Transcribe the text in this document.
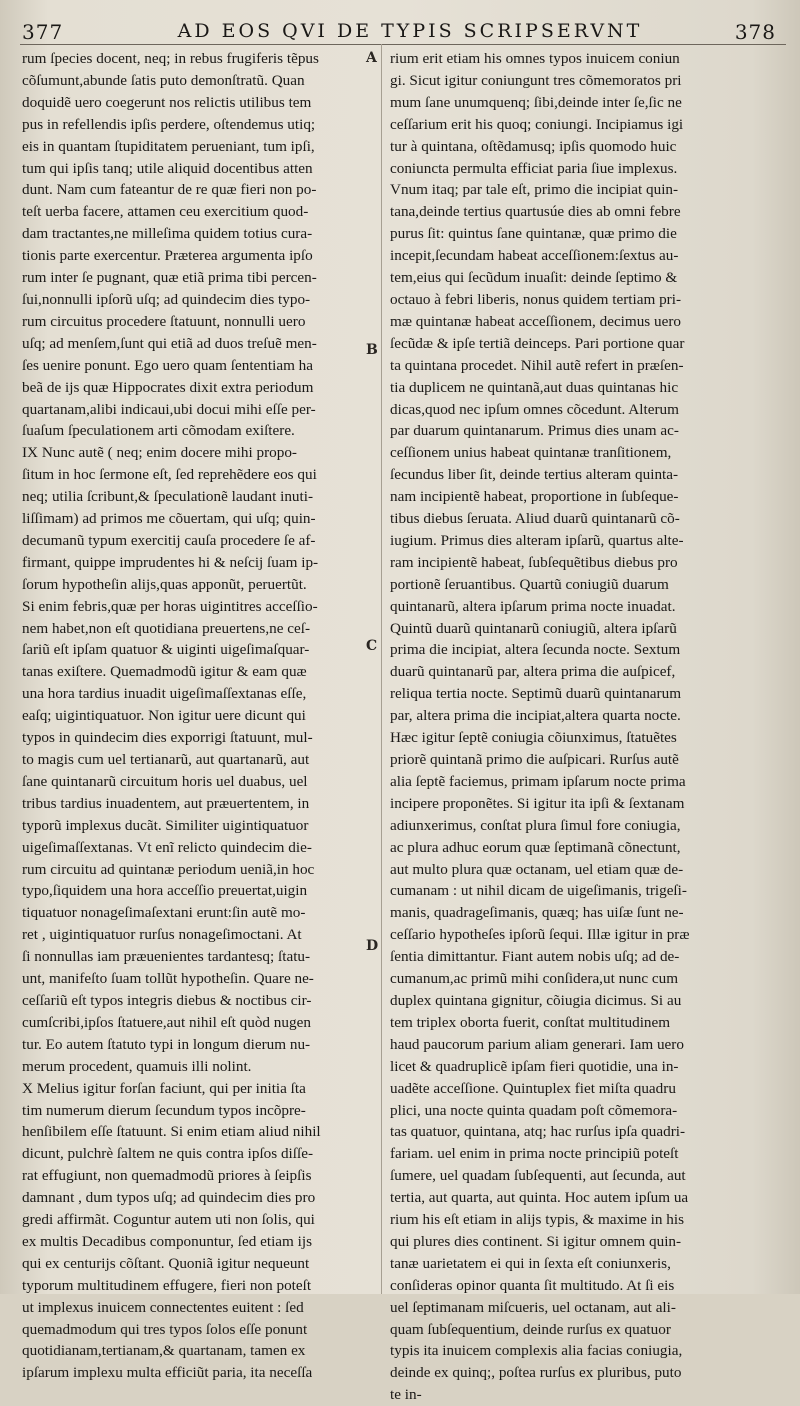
377	AD EOS QVI DE TYPIS SCRIPSERVNT	378
A
B
C
D
rum ſpecies docent, neq; in rebus frugiferis tẽpus
cõſumunt,abunde ſatis puto demonſtratũ. Quan
doquidẽ uero coegerunt nos relictis utilibus tem
pus in refellendis ipſis perdere, oſtendemus utiq;
eis in quantam ſtupiditatem perueniant, tum ipſi,
tum qui ipſis tanq; utile aliquid docentibus atten
dunt. Nam cum fateantur de re quæ fieri non po-
teſt uerba facere, attamen ceu exercitium quod-
dam tractantes,ne milleſima quidem totius cura-
tionis parte exercentur. Præterea argumenta ipſo
rum inter ſe pugnant, quæ etiã prima tibi percen-
ſui,nonnulli ipſorũ uſq; ad quindecim dies typo-
rum circuitus procedere ſtatuunt, nonnulli uero
uſq; ad menſem,ſunt qui etiã ad duos treſuẽ men-
ſes uenire ponunt. Ego uero quam ſententiam ha
beã de ijs quæ Hippocrates dixit extra periodum
quartanam,alibi indicaui,ubi docui mihi eſſe per-
ſuaſum ſpeculationem arti cõmodam exiſtere.
IX Nunc autẽ ( neq; enim docere mihi propo-
ſitum in hoc ſermone eſt, ſed reprehẽdere eos qui
neq; utilia ſcribunt,& ſpeculationẽ laudant inuti-
liſſimam) ad primos me cõuertam, qui uſq; quin-
decumanũ typum exercitij cauſa procedere ſe af-
firmant, quippe imprudentes hi & neſcij ſuam ip-
ſorum hypotheſin alijs,quas apponũt, peruertũt.
Si enim febris,quæ per horas uigintitres acceſſio-
nem habet,non eſt quotidiana preuertens,ne ceſ-
ſariũ eſt ipſam quatuor & uiginti uigeſimaſquar-
tanas exiſtere. Quemadmodũ igitur & eam quæ
una hora tardius inuadit uigeſimaſſextanas eſſe,
eaſq; uigintiquatuor. Non igitur uere dicunt qui
typos in quindecim dies exporrigi ſtatuunt, mul-
to magis cum uel tertianarũ, aut quartanarũ, aut
ſane quintanarũ circuitum horis uel duabus, uel
tribus tardius inuadentem, aut præuertentem, in
typorũ implexus ducãt. Similiter uigintiquatuor
uigeſimaſſextanas. Vt enĩ relicto quindecim die-
rum circuitu ad quintanæ periodum ueniã,in hoc
typo,ſiquidem una hora acceſſio preuertat,uigin
tiquatuor nonageſimaſextani erunt:ſin autẽ mo-
ret , uigintiquatuor rurſus nonageſimoctani. At
ſi nonnullas iam præuenientes tardantesq; ſtatu-
unt, manifeſto ſuam tollũt hypotheſin. Quare ne-
ceſſariũ eſt typos integris diebus & noctibus cir-
cumſcribi,ipſos ſtatuere,aut nihil eſt quòd nugen
tur. Eo autem ſtatuto typi in longum dierum nu-
merum procedent, quamuis illi nolint.
X Melius igitur forſan faciunt, qui per initia ſta
tim numerum dierum ſecundum typos incõpre-
henſibilem eſſe ſtatuunt. Si enim etiam aliud nihil
dicunt, pulchrè ſaltem ne quis contra ipſos diſſe-
rat effugiunt, non quemadmodũ priores à ſeipſis
damnant , dum typos uſq; ad quindecim dies pro
gredi affirmãt. Coguntur autem uti non ſolis, qui
ex multis Decadibus componuntur, ſed etiam ijs
qui ex centurijs cõſtant. Quoniã igitur nequeunt
typorum multitudinem effugere, fieri non poteſt
ut implexus inuicem connectentes euitent : ſed
quemadmodum qui tres typos ſolos eſſe ponunt
quotidianam,tertianam,& quartanam, tamen ex
ipſarum implexu multa efficiũt paria, ita neceſſa
rium erit etiam his omnes typos inuicem coniun
gi. Sicut igitur coniungunt tres cõmemoratos pri
mum ſane unumquenq; ſibi,deinde inter ſe,ſic ne
ceſſarium erit his quoq; coniungi. Incipiamus igi
tur à quintana, oſtẽdamusq; ipſis quomodo huic
coniuncta permulta efficiat paria ſiue implexus.
Vnum itaq; par tale eſt, primo die incipiat quin-
tana,deinde tertius quartusúe dies ab omni febre
purus ſit: quintus ſane quintanæ, quæ primo die
incepit,ſecundam habeat acceſſionem:ſextus au-
tem,eius qui ſecũdum inuaſit: deinde ſeptimo &
octauo à febri liberis, nonus quidem tertiam pri-
mæ quintanæ habeat acceſſionem, decimus uero
ſecũdæ & ipſe tertiã deinceps. Pari portione quar
ta quintana procedet. Nihil autẽ refert in præſen-
tia duplicem ne quintanã,aut duas quintanas hic
dicas,quod nec ipſum omnes cõcedunt. Alterum
par duarum quintanarum. Primus dies unam ac-
ceſſionem unius habeat quintanæ tranſitionem,
ſecundus liber ſit, deinde tertius alteram quinta-
nam incipientẽ habeat, proportione in ſubſeque-
tibus diebus ſeruata. Aliud duarũ quintanarũ cõ-
iugium. Primus dies alteram ipſarũ, quartus alte-
ram incipientẽ habeat, ſubſequẽtibus diebus pro
portionẽ ſeruantibus. Quartũ coniugiũ duarum
quintanarũ, altera ipſarum prima nocte inuadat.
Quintũ duarũ quintanarũ coniugiũ, altera ipſarũ
prima die incipiat, altera ſecunda nocte. Sextum
duarũ quintanarũ par, altera prima die auſpicef,
reliqua tertia nocte. Septimũ duarũ quintanarum
par, altera prima die incipiat,altera quarta nocte.
Hæc igitur ſeptẽ coniugia cõiunximus, ſtatuẽtes
priorẽ quintanã primo die auſpicari. Rurſus autẽ
alia ſeptẽ faciemus, primam ipſarum nocte prima
incipere proponẽtes. Si igitur ita ipſi & ſextanam
adiunxerimus, conſtat plura ſimul fore coniugia,
ac plura adhuc eorum quæ ſeptimanã cõnectunt,
aut multo plura quæ octanam, uel etiam quæ de-
cumanam : ut nihil dicam de uigeſimanis, trigeſi-
manis, quadrageſimanis, quæq; has uiſæ ſunt ne-
ceſſario hypotheſes ipſorũ ſequi. Illæ igitur in præ
ſentia dimittantur. Fiant autem nobis uſq; ad de-
cumanum,ac primũ mihi conſidera,ut nunc cum
duplex quintana gignitur, cõiugia dicimus. Si au
tem triplex oborta fuerit, conſtat multitudinem
haud paucorum parium aliam generari. Iam uero
licet & quadruplicẽ ipſam fieri quotidie, una in-
uadẽte acceſſione. Quintuplex fiet miſta quadru
plici, una nocte quinta quadam poſt cõmemora-
tas quatuor, quintana, atq; hac rurſus ipſa quadri-
fariam. uel enim in prima nocte principiũ poteſt
ſumere, uel quadam ſubſequenti, aut ſecunda, aut
tertia, aut quarta, aut quinta. Hoc autem ipſum ua
rium his eſt etiam in alijs typis, & maxime in his
qui plures dies continent. Si igitur omnem quin-
tanæ uarietatem ei qui in ſexta eſt coniunxeris,
conſideras opinor quanta ſit multitudo. At ſi eis
uel ſeptimanam miſcueris, uel octanam, aut ali-
quam ſubſequentium, deinde rurſus ex quatuor
typis ita inuicem complexis alia facias coniugia,
deinde ex quinq;, poſtea rurſus ex pluribus, puto
te in-
